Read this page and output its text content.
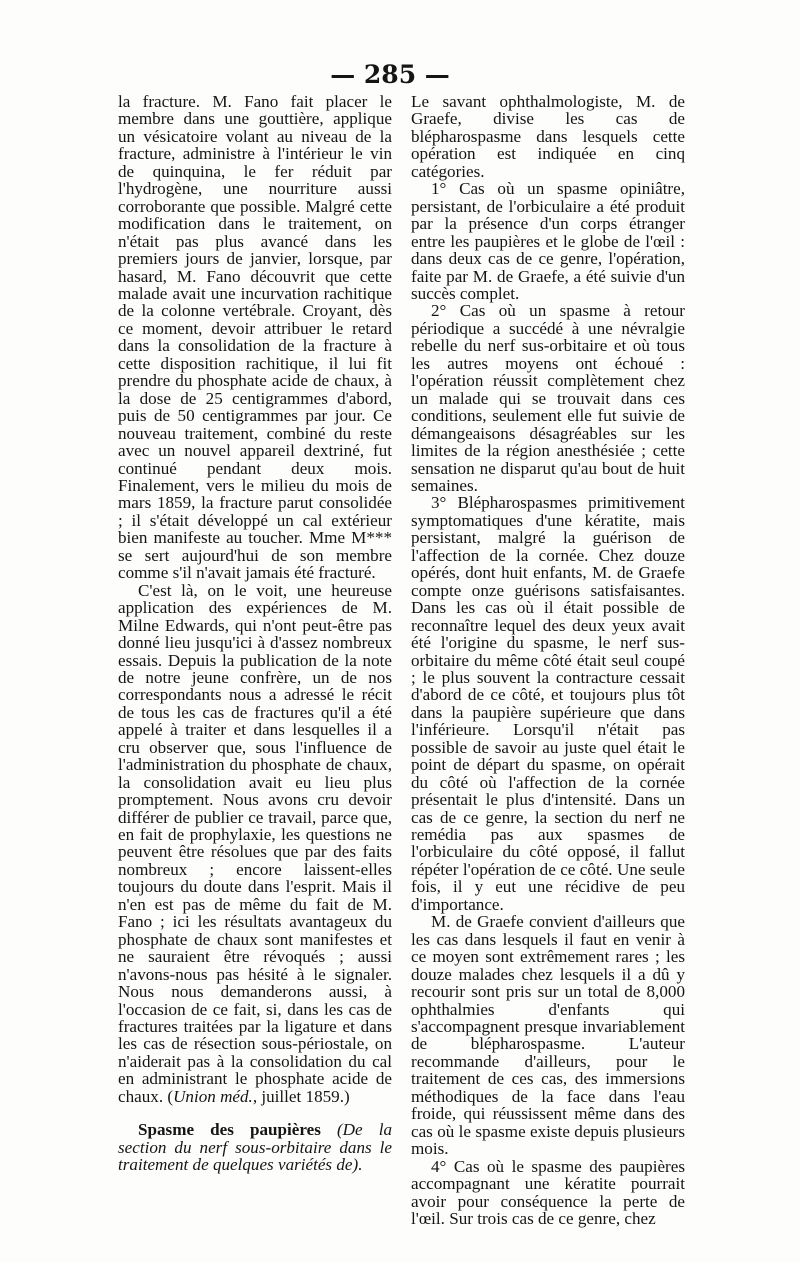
— 285 —

la fracture. M. Fano fait placer le membre dans une gouttière, applique un vésicatoire volant au niveau de la fracture, administre à l'intérieur le vin de quinquina, le fer réduit par l'hydrogène, une nourriture aussi corroborante que possible. Malgré cette modification dans le traitement, on n'était pas plus avancé dans les premiers jours de janvier, lorsque, par hasard, M. Fano découvrit que cette malade avait une incurvation rachitique de la colonne vertébrale. Croyant, dès ce moment, devoir attribuer le retard dans la consolidation de la fracture à cette disposition rachitique, il lui fit prendre du phosphate acide de chaux, à la dose de 25 centigrammes d'abord, puis de 50 centigrammes par jour. Ce nouveau traitement, combiné du reste avec un nouvel appareil dextriné, fut continué pendant deux mois. Finalement, vers le milieu du mois de mars 1859, la fracture parut consolidée ; il s'était développé un cal extérieur bien manifeste au toucher. Mme M*** se sert aujourd'hui de son membre comme s'il n'avait jamais été fracturé.

C'est là, on le voit, une heureuse application des expériences de M. Milne Edwards, qui n'ont peut-être pas donné lieu jusqu'ici à d'assez nombreux essais. Depuis la publication de la note de notre jeune confrère, un de nos correspondants nous a adressé le récit de tous les cas de fractures qu'il a été appelé à traiter et dans lesquelles il a cru observer que, sous l'influence de l'administration du phosphate de chaux, la consolidation avait eu lieu plus promptement. Nous avons cru devoir différer de publier ce travail, parce que, en fait de prophylaxie, les questions ne peuvent être résolues que par des faits nombreux ; encore laissent-elles toujours du doute dans l'esprit. Mais il n'en est pas de même du fait de M. Fano ; ici les résultats avantageux du phosphate de chaux sont manifestes et ne sauraient être révoqués ; aussi n'avons-nous pas hésité à le signaler. Nous nous demanderons aussi, à l'occasion de ce fait, si, dans les cas de fractures traitées par la ligature et dans les cas de résection sous-périostale, on n'aiderait pas à la consolidation du cal en administrant le phosphate acide de chaux. (Union méd., juillet 1859.)

Spasme des paupières (De la section du nerf sous-orbitaire dans le traitement de quelques variétés de).

Le savant ophthalmologiste, M. de Graefe, divise les cas de blépharospasme dans lesquels cette opération est indiquée en cinq catégories.

1° Cas où un spasme opiniâtre, persistant, de l'orbiculaire a été produit par la présence d'un corps étranger entre les paupières et le globe de l'œil : dans deux cas de ce genre, l'opération, faite par M. de Graefe, a été suivie d'un succès complet.

2° Cas où un spasme à retour périodique a succédé à une névralgie rebelle du nerf sus-orbitaire et où tous les autres moyens ont échoué : l'opération réussit complètement chez un malade qui se trouvait dans ces conditions, seulement elle fut suivie de démangeaisons désagréables sur les limites de la région anesthésiée ; cette sensation ne disparut qu'au bout de huit semaines.

3° Blépharospasmes primitivement symptomatiques d'une kératite, mais persistant, malgré la guérison de l'affection de la cornée. Chez douze opérés, dont huit enfants, M. de Graefe compte onze guérisons satisfaisantes. Dans les cas où il était possible de reconnaître lequel des deux yeux avait été l'origine du spasme, le nerf sus-orbitaire du même côté était seul coupé ; le plus souvent la contracture cessait d'abord de ce côté, et toujours plus tôt dans la paupière supérieure que dans l'inférieure. Lorsqu'il n'était pas possible de savoir au juste quel était le point de départ du spasme, on opérait du côté où l'affection de la cornée présentait le plus d'intensité. Dans un cas de ce genre, la section du nerf ne remédia pas aux spasmes de l'orbiculaire du côté opposé, il fallut répéter l'opération de ce côté. Une seule fois, il y eut une récidive de peu d'importance.

M. de Graefe convient d'ailleurs que les cas dans lesquels il faut en venir à ce moyen sont extrêmement rares ; les douze malades chez lesquels il a dû y recourir sont pris sur un total de 8,000 ophthalmies d'enfants qui s'accompagnent presque invariablement de blépharospasme. L'auteur recommande d'ailleurs, pour le traitement de ces cas, des immersions méthodiques de la face dans l'eau froide, qui réussissent même dans des cas où le spasme existe depuis plusieurs mois.

4° Cas où le spasme des paupières accompagnant une kératite pourrait avoir pour conséquence la perte de l'œil. Sur trois cas de ce genre, chez
